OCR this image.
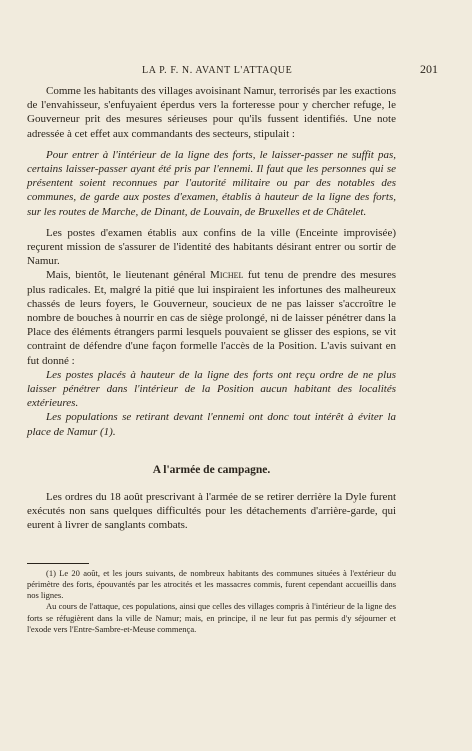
LA P. F. N. AVANT L'ATTAQUE	201

Comme les habitants des villages avoisinant Namur, terrorisés par les exactions de l'envahisseur, s'enfuyaient éperdus vers la forteresse pour y chercher refuge, le Gouverneur prit des mesures sérieuses pour qu'ils fussent identifiés. Une note adressée à cet effet aux commandants des secteurs, stipulait :

Pour entrer à l'intérieur de la ligne des forts, le laisser-passer ne suffit pas, certains laisser-passer ayant été pris par l'ennemi. Il faut que les personnes qui se présentent soient reconnues par l'autorité militaire ou par des notables des communes, de garde aux postes d'examen, établis à hauteur de la ligne des forts, sur les routes de Marche, de Dinant, de Louvain, de Bruxelles et de Châtelet.

Les postes d'examen établis aux confins de la ville (Enceinte improvisée) reçurent mission de s'assurer de l'identité des habitants désirant entrer ou sortir de Namur.

Mais, bientôt, le lieutenant général Michel fut tenu de prendre des mesures plus radicales. Et, malgré la pitié que lui inspiraient les infortunes des malheureux chassés de leurs foyers, le Gouverneur, soucieux de ne pas laisser s'accroître le nombre de bouches à nourrir en cas de siège prolongé, ni de laisser pénétrer dans la Place des éléments étrangers parmi lesquels pouvaient se glisser des espions, se vit contraint de défendre d'une façon formelle l'accès de la Position. L'avis suivant en fut donné :

Les postes placés à hauteur de la ligne des forts ont reçu ordre de ne plus laisser pénétrer dans l'intérieur de la Position aucun habitant des localités extérieures.

Les populations se retirant devant l'ennemi ont donc tout intérêt à éviter la place de Namur (1).

A l'armée de campagne.

Les ordres du 18 août prescrivant à l'armée de se retirer derrière la Dyle furent exécutés non sans quelques difficultés pour les détachements d'arrière-garde, qui eurent à livrer de sanglants combats.

(1) Le 20 août, et les jours suivants, de nombreux habitants des communes situées à l'extérieur du périmètre des forts, épouvantés par les atrocités et les massacres commis, furent cependant accueillis dans nos lignes.

Au cours de l'attaque, ces populations, ainsi que celles des villages compris à l'intérieur de la ligne des forts se réfugièrent dans la ville de Namur; mais, en principe, il ne leur fut pas permis d'y séjourner et l'exode vers l'Entre-Sambre-et-Meuse commença.
